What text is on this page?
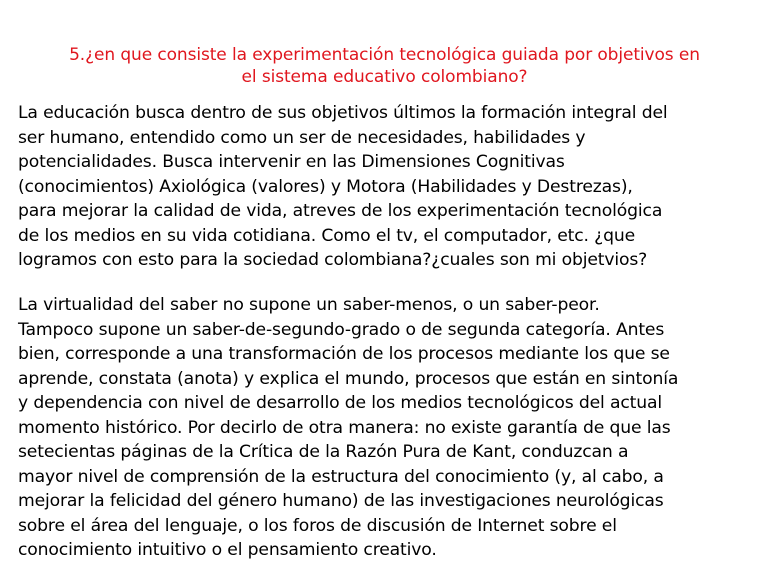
5.¿en que consiste la experimentación tecnológica guiada por objetivos en
el sistema educativo colombiano?
La educación busca dentro de sus objetivos últimos la formación integral del
ser humano, entendido como un ser de necesidades, habilidades y
potencialidades. Busca intervenir en las Dimensiones Cognitivas
(conocimientos) Axiológica (valores) y Motora (Habilidades y Destrezas),
para mejorar la calidad de vida, atreves de los experimentación tecnológica
de los medios en su vida cotidiana. Como el tv, el computador, etc. ¿que
logramos con esto para la sociedad colombiana?¿cuales son mi objetvios?
La virtualidad del saber no supone un saber-menos, o un saber-peor.
Tampoco supone un saber-de-segundo-grado o de segunda categoría. Antes
bien, corresponde a una transformación de los procesos mediante los que se
aprende, constata (anota) y explica el mundo, procesos que están en sintonía
y dependencia con nivel de desarrollo de los medios tecnológicos del actual
momento histórico. Por decirlo de otra manera: no existe garantía de que las
setecientas páginas de la Crítica de la Razón Pura de Kant, conduzcan a
mayor nivel de comprensión de la estructura del conocimiento (y, al cabo, a
mejorar la felicidad del género humano) de las investigaciones neurológicas
sobre el área del lenguaje, o los foros de discusión de Internet sobre el
conocimiento intuitivo o el pensamiento creativo.
